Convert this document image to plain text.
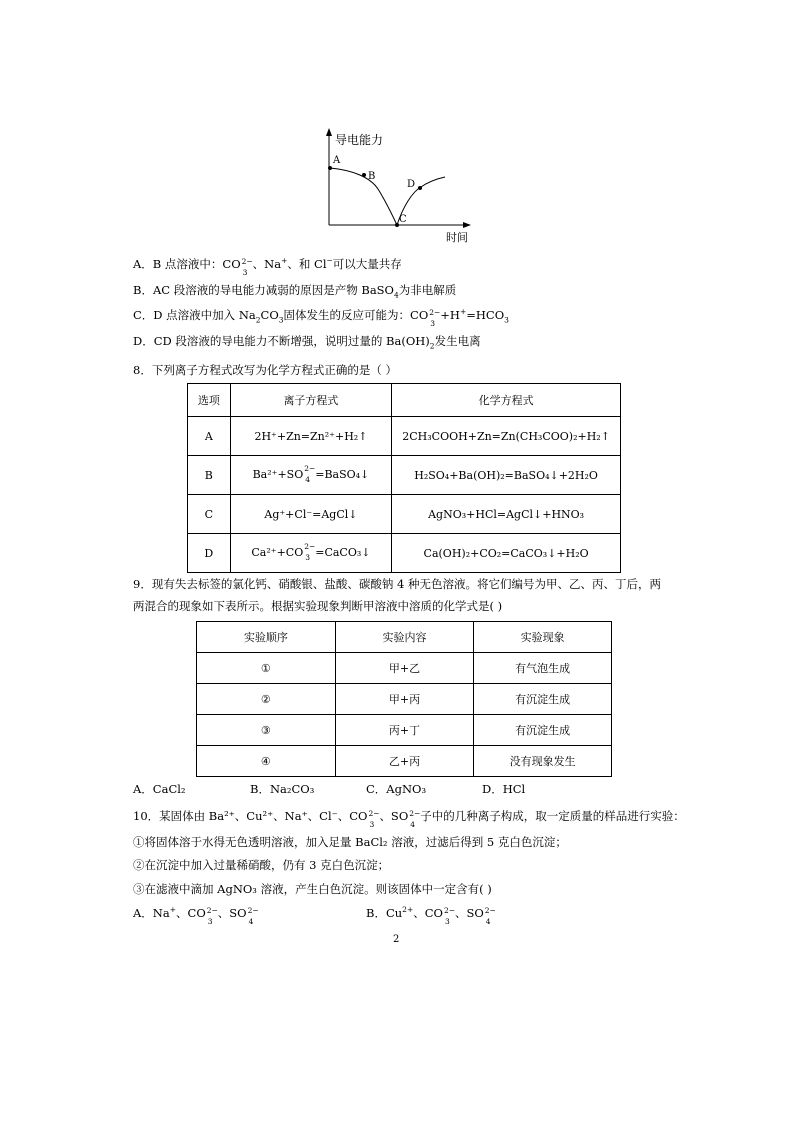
导电能力
时间
A
B
C
D
A．B 点溶液中：CO 2−
3
、Na+、和 Cl−可以大量共存
B．AC 段溶液的导电能力减弱的原因是产物 BaSO$_4$为非电解质
C．D 点溶液中加入 $Na_2CO_3$固体发生的反应可能为：CO 2−
3
$+H^+=HCO_3$
D．CD 段溶液的导电能力不断增强，说明过量的 $Ba(OH)_2$发生电离
8．下列离子方程式改写为化学方程式正确的是（ ）
选项	离子方程式	化学方程式
A	2H⁺+Zn=Zn²⁺+H₂↑	2CH₃COOH+Zn=Zn(CH₃COO)₂+H₂↑
B	Ba²⁺+SO 2−
4 =BaSO₄↓	H₂SO₄+Ba(OH)₂=BaSO₄↓+2H₂O
C	Ag⁺+Cl⁻=AgCl↓	AgNO₃+HCl=AgCl↓+HNO₃
D	Ca²⁺+CO 2−
3 =CaCO₃↓	Ca(OH)₂+CO₂=CaCO₃↓+H₂O
9．现有失去标签的氯化钙、硝酸银、盐酸、碳酸钠 4 种无色溶液。将它们编号为甲、乙、丙、丁后，两
两混合的现象如下表所示。根据实验现象判断甲溶液中溶质的化学式是( )
实验顺序	实验内容	实验现象
①	甲+乙	有气泡生成
②	甲+丙	有沉淀生成
③	丙+丁	有沉淀生成
④	乙+丙	没有现象发生
A．CaCl₂	B．Na₂CO₃	C．AgNO₃	D．HCl
10．某固体由 Ba²⁺、Cu²⁺、Na⁺、Cl⁻、CO 2−
3
、SO 2−
4
子中的几种离子构成，取一定质量的样品进行实验：
①将固体溶于水得无色透明溶液，加入足量 BaCl₂ 溶液，过滤后得到 5 克白色沉淀；
②在沉淀中加入过量稀硝酸，仍有 3 克白色沉淀；
③在滤液中滴加 AgNO₃ 溶液，产生白色沉淀。则该固体中一定含有( )
A．Na+、CO 2−
3
、SO 2−
4
B．$Cu^{2+}$、CO 2−
3
、SO 2−
4
2
